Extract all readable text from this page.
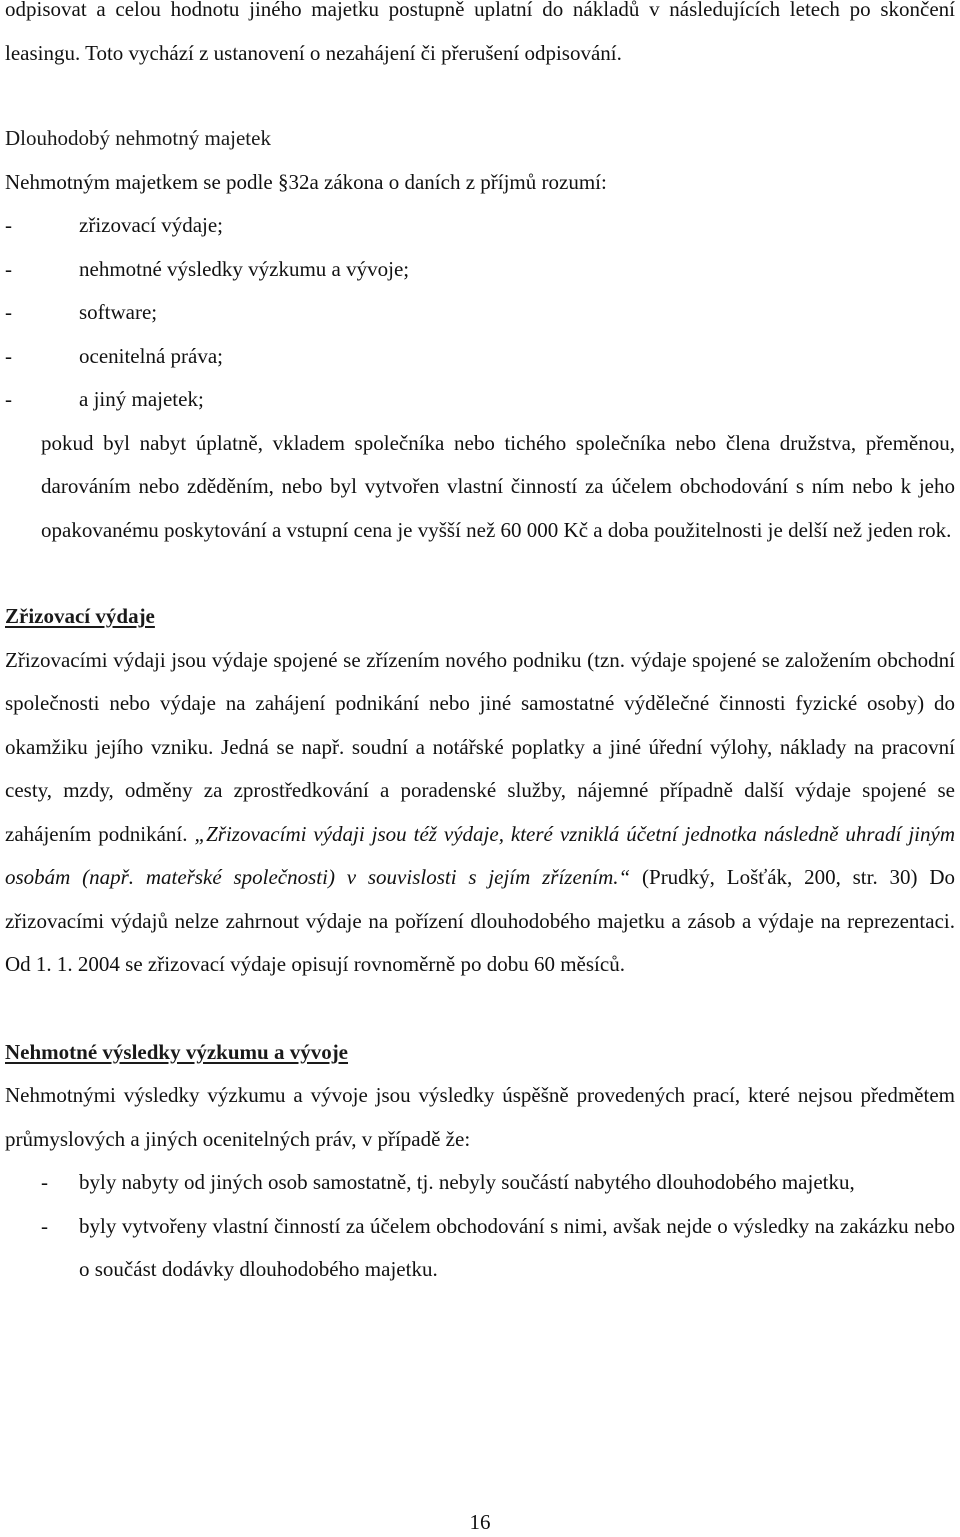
odpisovat a celou hodnotu jiného majetku postupně uplatní do nákladů v následujících letech po skončení leasingu. Toto vychází z ustanovení o nezahájení či přerušení odpisování.

Dlouhodobý nehmotný majetek

Nehmotným majetkem se podle §32a zákona o daních z příjmů rozumí:

- zřizovací výdaje;
- nehmotné výsledky výzkumu a vývoje;
- software;
- ocenitelná práva;
- a jiný majetek;

pokud byl nabyt úplatně, vkladem společníka nebo tichého společníka nebo člena družstva, přeměnou, darováním nebo zděděním, nebo byl vytvořen vlastní činností za účelem obchodování s ním nebo k jeho opakovanému poskytování a vstupní cena je vyšší než 60 000 Kč a doba použitelnosti je delší než jeden rok.

Zřizovací výdaje

Zřizovacími výdaji jsou výdaje spojené se zřízením nového podniku (tzn. výdaje spojené se založením obchodní společnosti nebo výdaje na zahájení podnikání nebo jiné samostatné výdělečné činnosti fyzické osoby) do okamžiku jejího vzniku. Jedná se např. soudní a notářské poplatky a jiné úřední výlohy, náklady na pracovní cesty, mzdy, odměny za zprostředkování a poradenské služby, nájemné případně další výdaje spojené se zahájením podnikání. „Zřizovacími výdaji jsou též výdaje, které vzniklá účetní jednotka následně uhradí jiným osobám (např. mateřské společnosti) v souvislosti s jejím zřízením.“ (Prudký, Lošťák, 200, str. 30) Do zřizovacími výdajů nelze zahrnout výdaje na pořízení dlouhodobého majetku a zásob a výdaje na reprezentaci. Od 1. 1. 2004 se zřizovací výdaje opisují rovnoměrně po dobu 60 měsíců.

Nehmotné výsledky výzkumu a vývoje

Nehmotnými výsledky výzkumu a vývoje jsou výsledky úspěšně provedených prací, které nejsou předmětem průmyslových a jiných ocenitelných práv, v případě že:

- byly nabyty od jiných osob samostatně, tj. nebyly součástí nabytého dlouhodobého majetku,
- byly vytvořeny vlastní činností za účelem obchodování s nimi, avšak nejde o výsledky na zakázku nebo o součást dodávky dlouhodobého majetku.
16
